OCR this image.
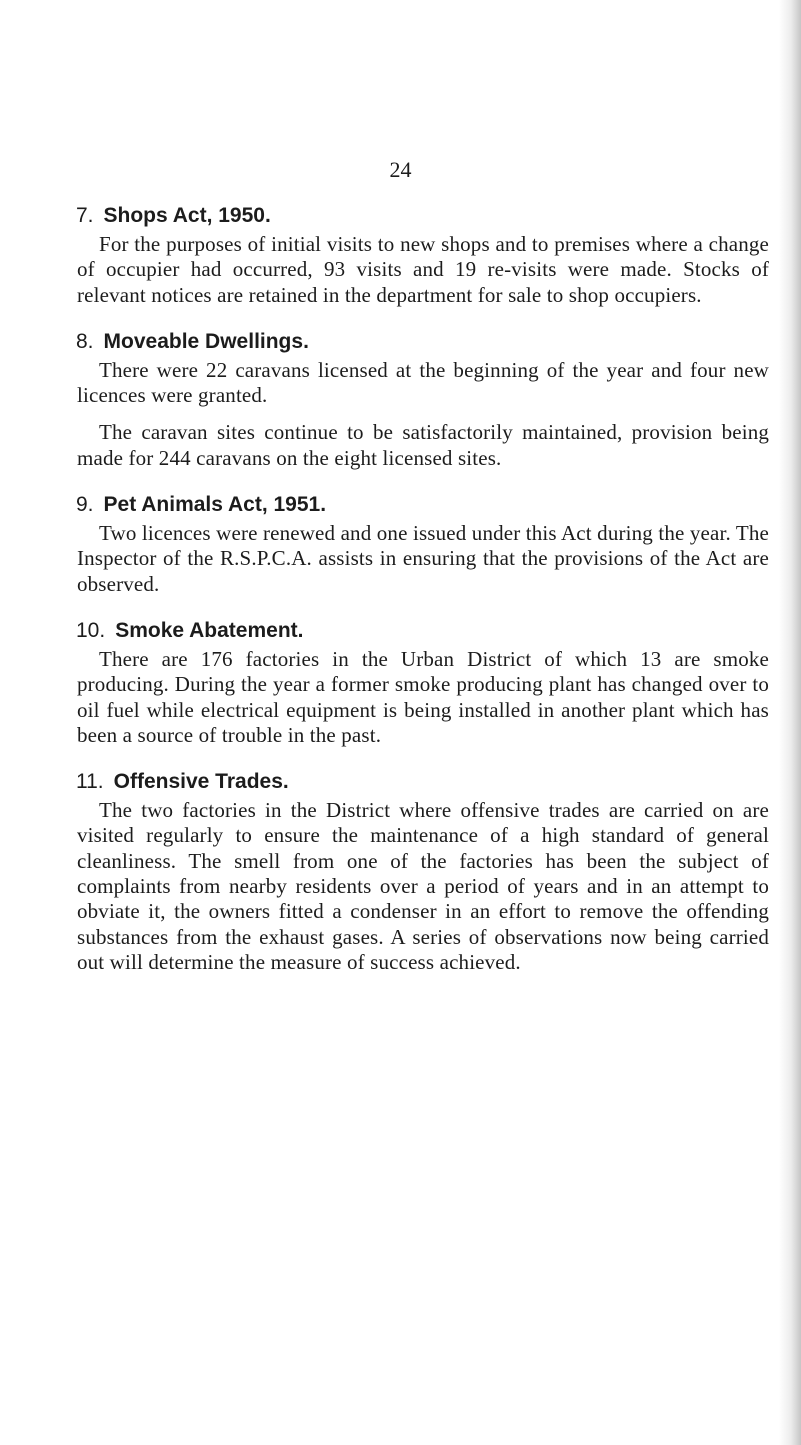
24
7. Shops Act, 1950.

For the purposes of initial visits to new shops and to premises where a change of occupier had occurred, 93 visits and 19 re-visits were made. Stocks of relevant notices are retained in the department for sale to shop occupiers.

8. Moveable Dwellings.

There were 22 caravans licensed at the beginning of the year and four new licences were granted.

The caravan sites continue to be satisfactorily maintained, provision being made for 244 caravans on the eight licensed sites.

9. Pet Animals Act, 1951.

Two licences were renewed and one issued under this Act during the year. The Inspector of the R.S.P.C.A. assists in ensuring that the provisions of the Act are observed.

10. Smoke Abatement.

There are 176 factories in the Urban District of which 13 are smoke producing. During the year a former smoke producing plant has changed over to oil fuel while electrical equipment is being installed in another plant which has been a source of trouble in the past.

11. Offensive Trades.

The two factories in the District where offensive trades are carried on are visited regularly to ensure the maintenance of a high standard of general cleanliness. The smell from one of the factories has been the subject of complaints from nearby residents over a period of years and in an attempt to obviate it, the owners fitted a condenser in an effort to remove the offending substances from the exhaust gases. A series of observations now being carried out will determine the measure of success achieved.
